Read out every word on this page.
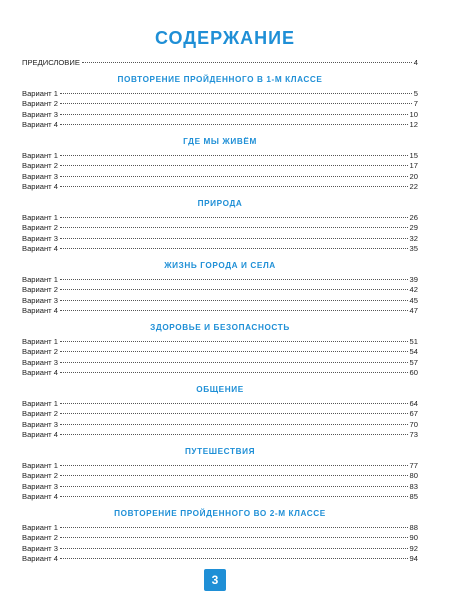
СОДЕРЖАНИЕ
ПРЕДИСЛОВИЕ	4
ПОВТОРЕНИЕ ПРОЙДЕННОГО В 1-М КЛАССЕ
Вариант 1	5
Вариант 2	7
Вариант 3	10
Вариант 4	12
ГДЕ МЫ ЖИВЁМ
Вариант 1	15
Вариант 2	17
Вариант 3	20
Вариант 4	22
ПРИРОДА
Вариант 1	26
Вариант 2	29
Вариант 3	32
Вариант 4	35
ЖИЗНЬ ГОРОДА И СЕЛА
Вариант 1	39
Вариант 2	42
Вариант 3	45
Вариант 4	47
ЗДОРОВЬЕ И БЕЗОПАСНОСТЬ
Вариант 1	51
Вариант 2	54
Вариант 3	57
Вариант 4	60
ОБЩЕНИЕ
Вариант 1	64
Вариант 2	67
Вариант 3	70
Вариант 4	73
ПУТЕШЕСТВИЯ
Вариант 1	77
Вариант 2	80
Вариант 3	83
Вариант 4	85
ПОВТОРЕНИЕ ПРОЙДЕННОГО ВО 2-М КЛАССЕ
Вариант 1	88
Вариант 2	90
Вариант 3	92
Вариант 4	94
3
